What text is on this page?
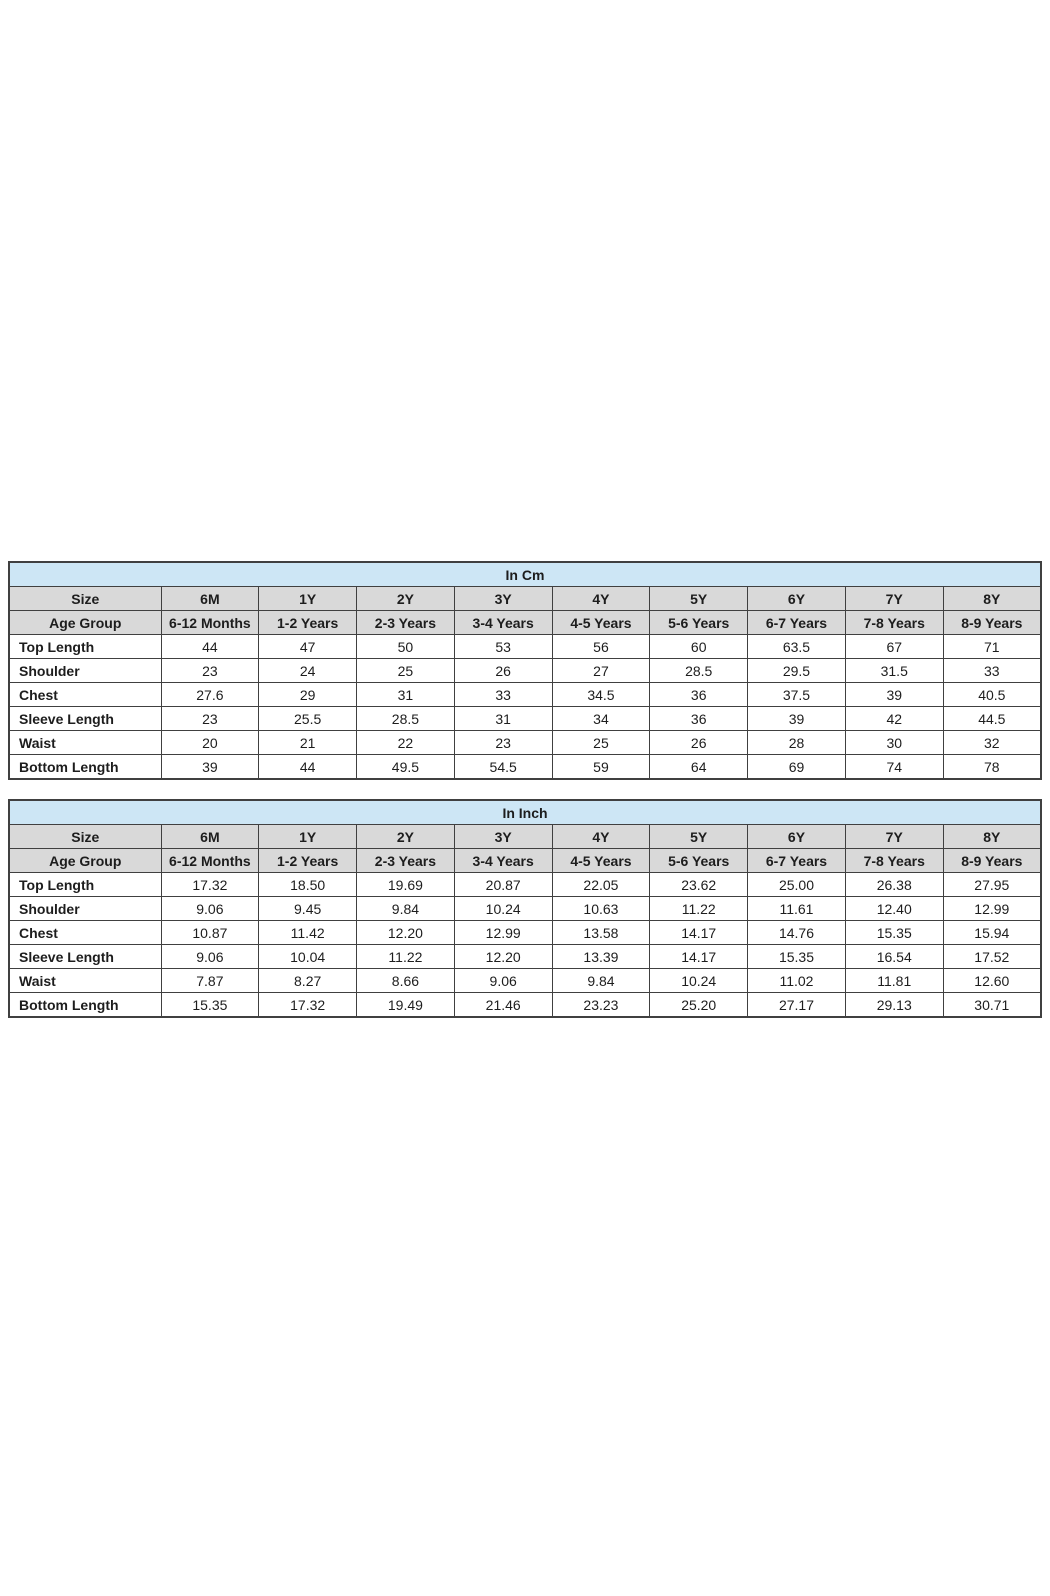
In Cm									
Size	6M	1Y	2Y	3Y	4Y	5Y	6Y	7Y	8Y
Age Group	6-12 Months	1-2 Years	2-3 Years	3-4 Years	4-5 Years	5-6 Years	6-7 Years	7-8 Years	8-9 Years
Top Length	44	47	50	53	56	60	63.5	67	71
Shoulder	23	24	25	26	27	28.5	29.5	31.5	33
Chest	27.6	29	31	33	34.5	36	37.5	39	40.5
Sleeve Length	23	25.5	28.5	31	34	36	39	42	44.5
Waist	20	21	22	23	25	26	28	30	32
Bottom Length	39	44	49.5	54.5	59	64	69	74	78
In Inch									
Size	6M	1Y	2Y	3Y	4Y	5Y	6Y	7Y	8Y
Age Group	6-12 Months	1-2 Years	2-3 Years	3-4 Years	4-5 Years	5-6 Years	6-7 Years	7-8 Years	8-9 Years
Top Length	17.32	18.50	19.69	20.87	22.05	23.62	25.00	26.38	27.95
Shoulder	9.06	9.45	9.84	10.24	10.63	11.22	11.61	12.40	12.99
Chest	10.87	11.42	12.20	12.99	13.58	14.17	14.76	15.35	15.94
Sleeve Length	9.06	10.04	11.22	12.20	13.39	14.17	15.35	16.54	17.52
Waist	7.87	8.27	8.66	9.06	9.84	10.24	11.02	11.81	12.60
Bottom Length	15.35	17.32	19.49	21.46	23.23	25.20	27.17	29.13	30.71
